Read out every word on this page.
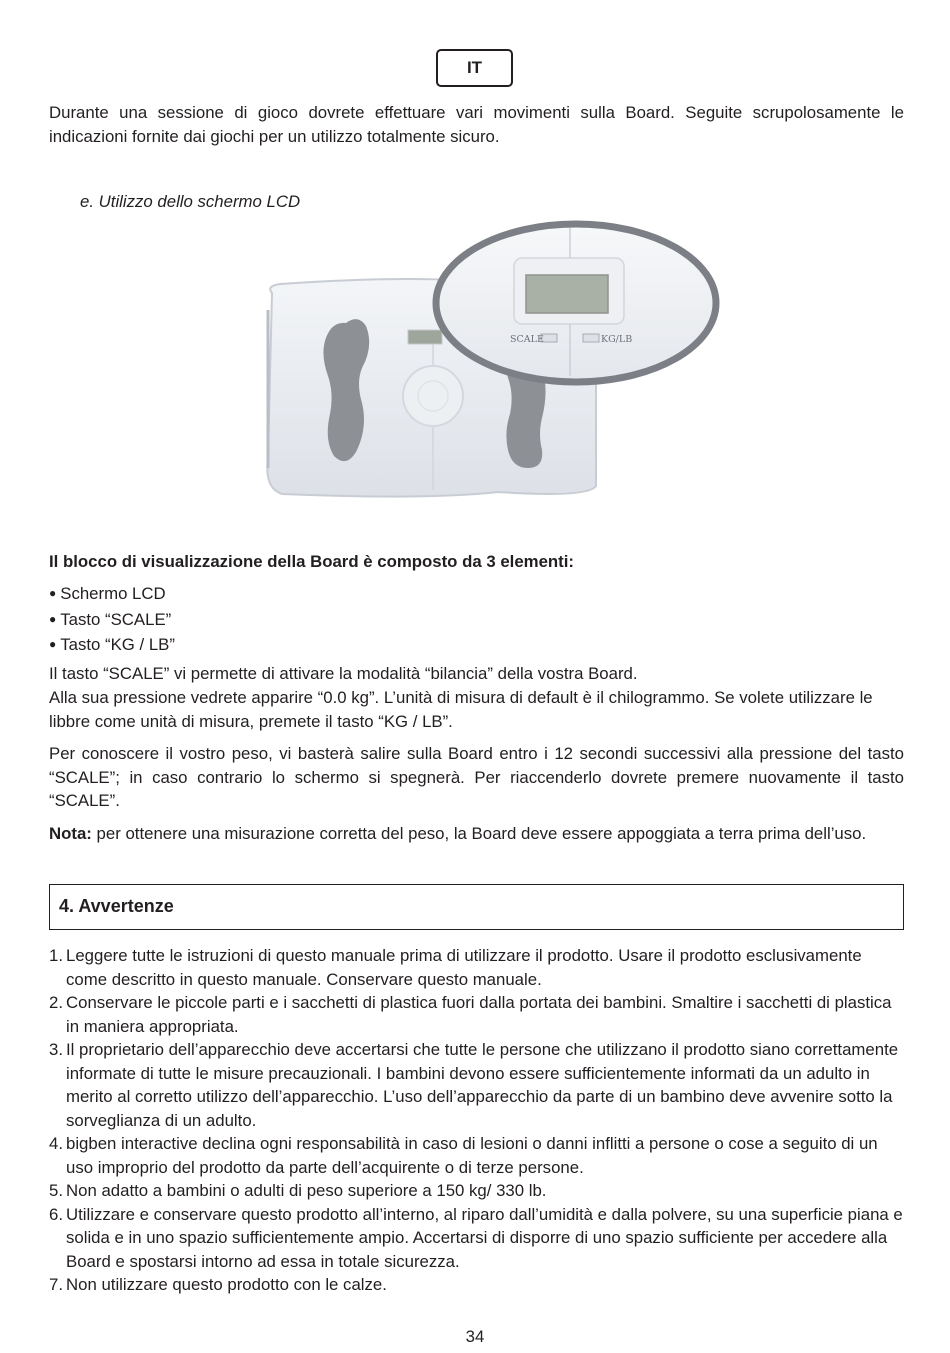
IT

Durante una sessione di gioco dovrete effettuare vari movimenti sulla Board. Seguite scrupolosamente le indicazioni fornite dai giochi per un utilizzo totalmente sicuro.

e. Utilizzo dello schermo LCD
SCALE	KG/LB
Il blocco di visualizzazione della Board è composto da 3 elementi:
● Schermo LCD
● Tasto “SCALE”
● Tasto “KG / LB”

Il tasto “SCALE” vi permette di attivare la modalità “bilancia” della vostra Board.

Alla sua pressione vedrete apparire “0.0 kg”. L’unità di misura di default è il chilogrammo. Se volete utilizzare le libbre come unità di misura, premete il tasto “KG / LB”.

Per conoscere il vostro peso, vi basterà salire sulla Board entro i 12 secondi successivi alla pressione del tasto “SCALE”; in caso contrario lo schermo si spegnerà. Per riaccenderlo dovrete premere nuovamente il tasto “SCALE”.

Nota: per ottenere una misurazione corretta del peso, la Board deve essere appoggiata a terra prima dell’uso.

4. Avvertenze
1. Leggere tutte le istruzioni di questo manuale prima di utilizzare il prodotto. Usare il prodotto esclusivamente come descritto in questo manuale. Conservare questo manuale.
2. Conservare le piccole parti e i sacchetti di plastica fuori dalla portata dei bambini. Smaltire i sacchetti di plastica in maniera appropriata.
3. Il proprietario dell’apparecchio deve accertarsi che tutte le persone che utilizzano il prodotto siano correttamente informate di tutte le misure precauzionali. I bambini devono essere sufficientemente informati da un adulto in merito al corretto utilizzo dell’apparecchio. L’uso dell’apparecchio da parte di un bambino deve avvenire sotto la sorveglianza di un adulto.
4. bigben interactive declina ogni responsabilità in caso di lesioni o danni inflitti a persone o cose a seguito di un uso improprio del prodotto da parte dell’acquirente o di terze persone.
5. Non adatto a bambini o adulti di peso superiore a 150 kg/ 330 lb.
6. Utilizzare e conservare questo prodotto all’interno, al riparo dall’umidità e dalla polvere, su una superficie piana e solida e in uno spazio sufficientemente ampio. Accertarsi di disporre di uno spazio sufficiente per accedere alla Board e spostarsi intorno ad essa in totale sicurezza.
7. Non utilizzare questo prodotto con le calze.
34
